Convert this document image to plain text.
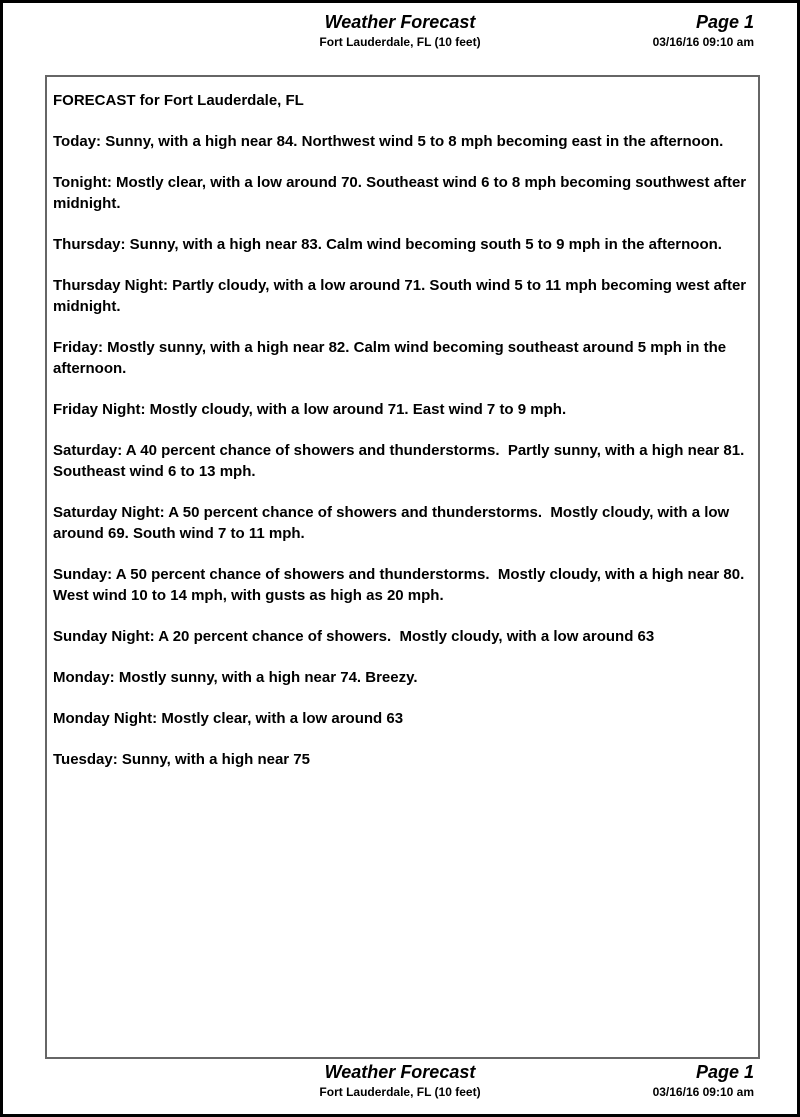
Weather Forecast
Fort Lauderdale, FL (10 feet)
Page 1
03/16/16 09:10 am

FORECAST for Fort Lauderdale, FL

Today: Sunny, with a high near 84. Northwest wind 5 to 8 mph becoming east in the afternoon.

Tonight: Mostly clear, with a low around 70. Southeast wind 6 to 8 mph becoming southwest after midnight.

Thursday: Sunny, with a high near 83. Calm wind becoming south 5 to 9 mph in the afternoon.

Thursday Night: Partly cloudy, with a low around 71. South wind 5 to 11 mph becoming west after midnight.

Friday: Mostly sunny, with a high near 82. Calm wind becoming southeast around 5 mph in the afternoon.

Friday Night: Mostly cloudy, with a low around 71. East wind 7 to 9 mph.

Saturday: A 40 percent chance of showers and thunderstorms.  Partly sunny, with a high near 81. Southeast wind 6 to 13 mph.

Saturday Night: A 50 percent chance of showers and thunderstorms.  Mostly cloudy, with a low around 69. South wind 7 to 11 mph.

Sunday: A 50 percent chance of showers and thunderstorms.  Mostly cloudy, with a high near 80. West wind 10 to 14 mph, with gusts as high as 20 mph.

Sunday Night: A 20 percent chance of showers.  Mostly cloudy, with a low around 63

Monday: Mostly sunny, with a high near 74. Breezy.

Monday Night: Mostly clear, with a low around 63

Tuesday: Sunny, with a high near 75

Weather Forecast
Fort Lauderdale, FL (10 feet)
Page 1
03/16/16 09:10 am
